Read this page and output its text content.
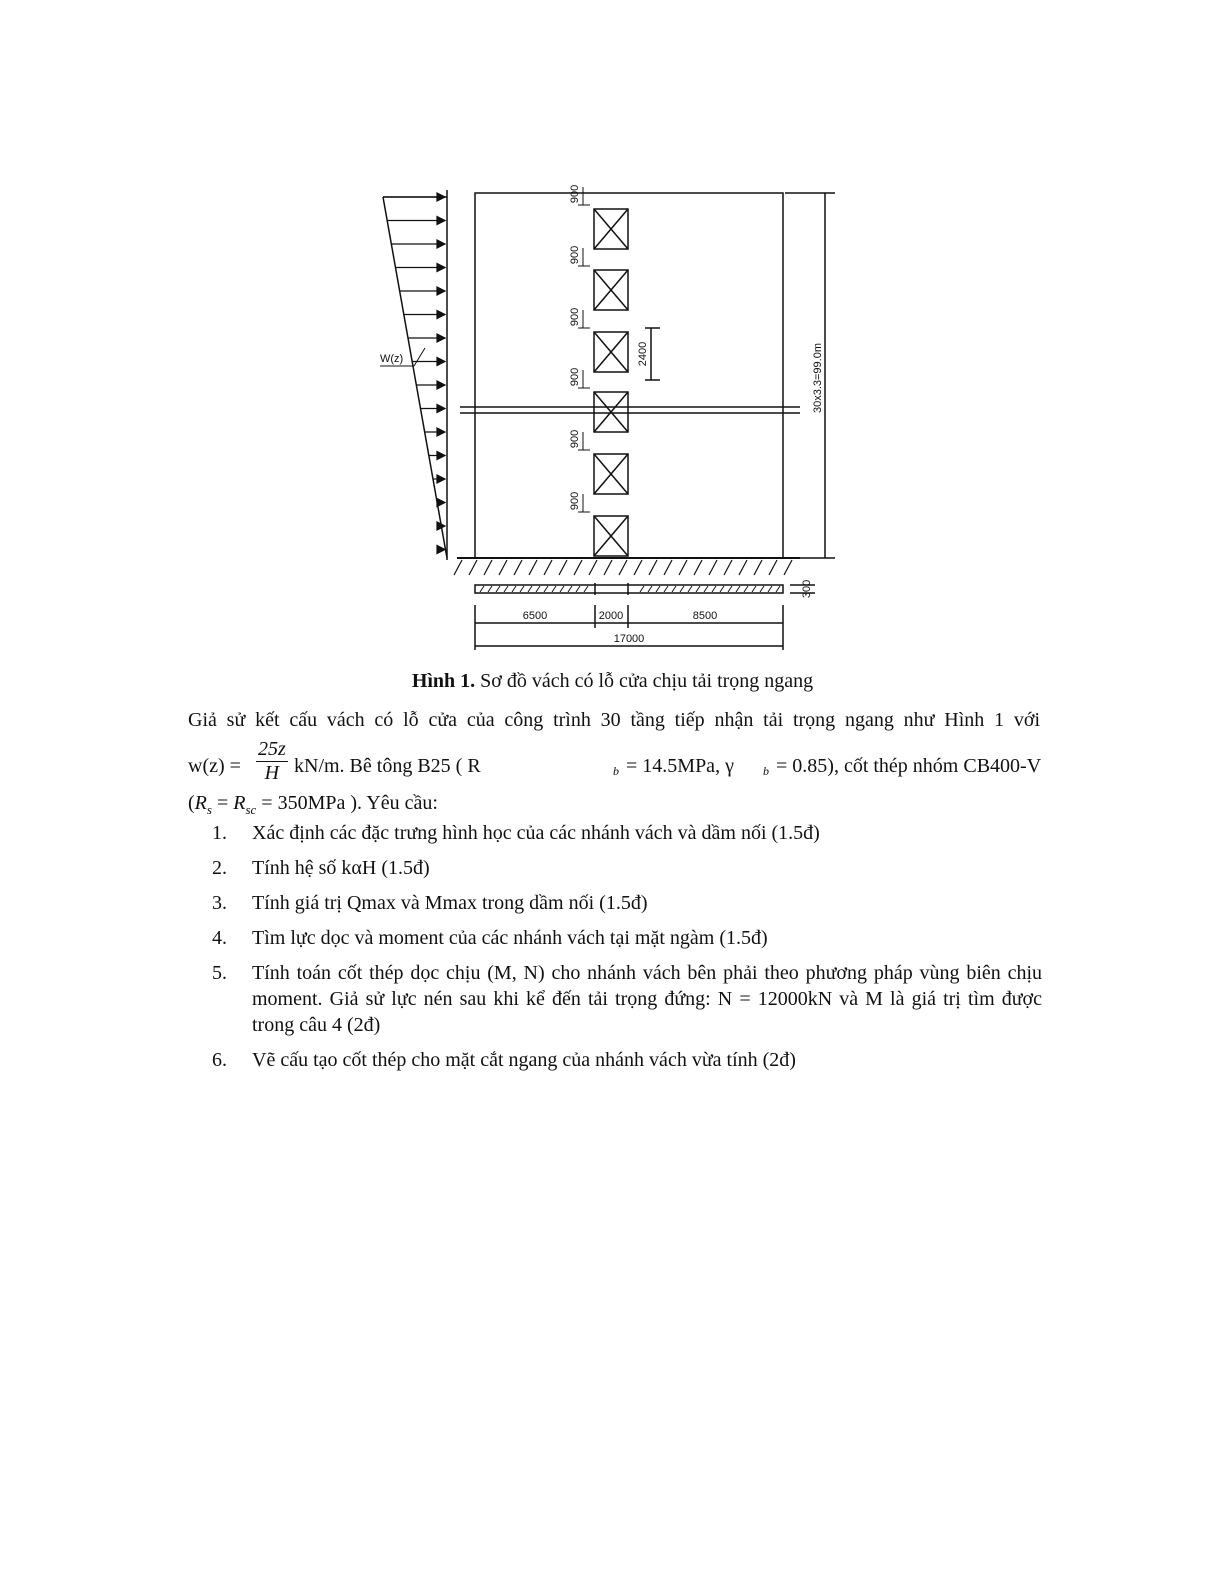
900
900
900
900
900
900
W(z)	2400	30x3.3=99.0m
300
6500	2000	8500
17000
Hình 1. Sơ đồ vách có lỗ cửa chịu tải trọng ngang
Giả sử kết cấu vách có lỗ cửa của công trình 30 tầng tiếp nhận tải trọng ngang như Hình 1 với
$w(z) = \frac{25z}{H} kN/m$. Bê tông B25 ( R	b = 14.5MPa, γ b = 0.85), cốt thép nhóm CB400-V
($R_s = R_{sc} = 350MPa$ ). Yêu cầu:
1. Xác định các đặc trưng hình học của các nhánh vách và dầm nối (1.5đ)
2. Tính hệ số kαH (1.5đ)
3. Tính giá trị Qmax và Mmax trong dầm nối (1.5đ)
4. Tìm lực dọc và moment của các nhánh vách tại mặt ngàm (1.5đ)
5. Tính toán cốt thép dọc chịu (M, N) cho nhánh vách bên phải theo phương pháp vùng biên chịu moment. Giả sử lực nén sau khi kể đến tải trọng đứng: N = 12000kN và M là giá trị tìm được trong câu 4 (2đ)
6. Vẽ cấu tạo cốt thép cho mặt cắt ngang của nhánh vách vừa tính (2đ)
